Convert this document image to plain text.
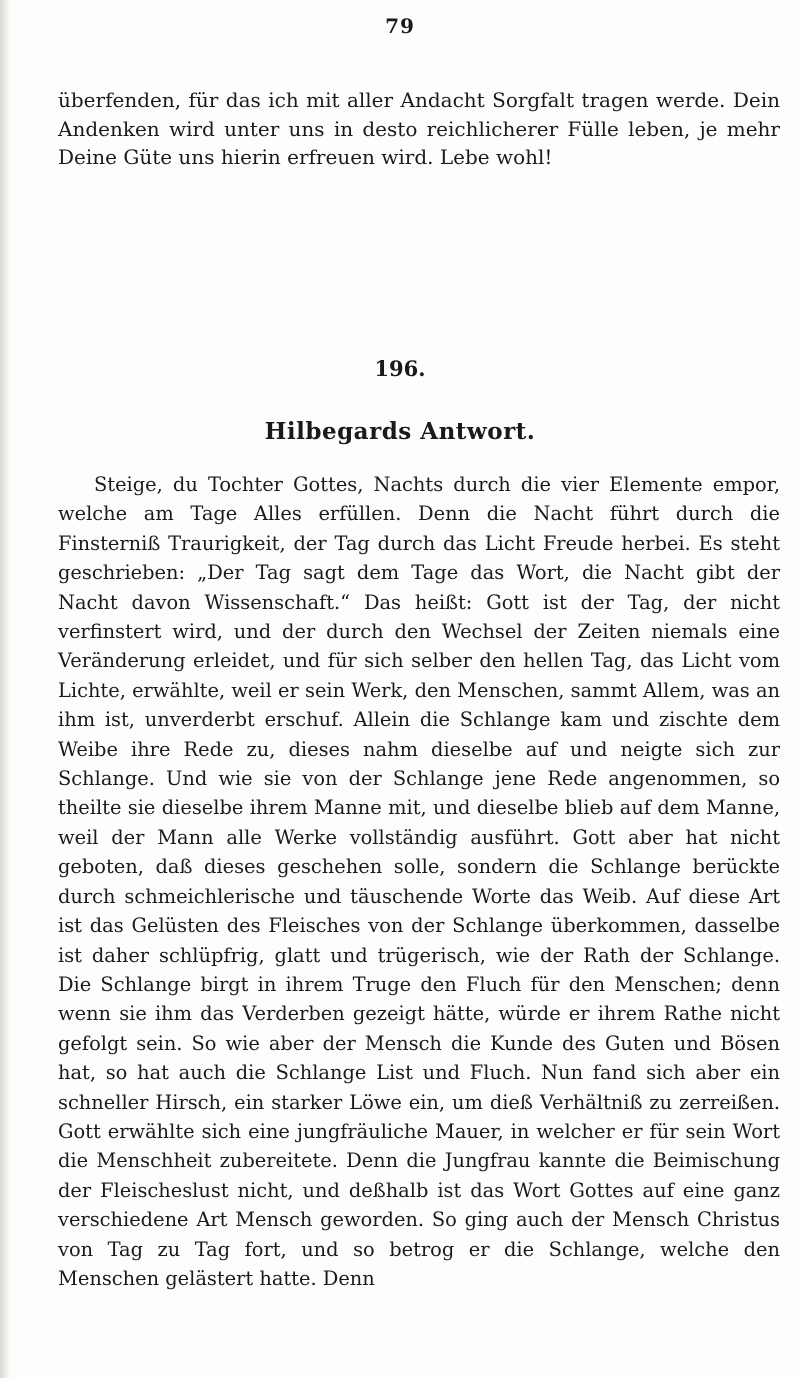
79

überfenden, für das ich mit aller Andacht Sorgfalt tragen werde. Dein Andenken wird unter uns in desto reichlicherer Fülle leben, je mehr Deine Güte uns hierin erfreuen wird. Lebe wohl!

196.
Hilbegards Antwort.

Steige, du Tochter Gottes, Nachts durch die vier Elemente empor, welche am Tage Alles erfüllen. Denn die Nacht führt durch die Finsterniß Traurigkeit, der Tag durch das Licht Freude herbei. Es steht geschrieben: „Der Tag sagt dem Tage das Wort, die Nacht gibt der Nacht davon Wissenschaft.“ Das heißt: Gott ist der Tag, der nicht verfinstert wird, und der durch den Wechsel der Zeiten niemals eine Veränderung erleidet, und für sich selber den hellen Tag, das Licht vom Lichte, erwählte, weil er sein Werk, den Menschen, sammt Allem, was an ihm ist, unverderbt erschuf. Allein die Schlange kam und zischte dem Weibe ihre Rede zu, dieses nahm dieselbe auf und neigte sich zur Schlange. Und wie sie von der Schlange jene Rede angenommen, so theilte sie dieselbe ihrem Manne mit, und dieselbe blieb auf dem Manne, weil der Mann alle Werke vollständig ausführt. Gott aber hat nicht geboten, daß dieses geschehen solle, sondern die Schlange berückte durch schmeichlerische und täuschende Worte das Weib. Auf diese Art ist das Gelüsten des Fleisches von der Schlange überkommen, dasselbe ist daher schlüpfrig, glatt und trügerisch, wie der Rath der Schlange. Die Schlange birgt in ihrem Truge den Fluch für den Menschen; denn wenn sie ihm das Verderben gezeigt hätte, würde er ihrem Rathe nicht gefolgt sein. So wie aber der Mensch die Kunde des Guten und Bösen hat, so hat auch die Schlange List und Fluch. Nun fand sich aber ein schneller Hirsch, ein starker Löwe ein, um dieß Verhältniß zu zerreißen. Gott erwählte sich eine jungfräuliche Mauer, in welcher er für sein Wort die Menschheit zubereitete. Denn die Jungfrau kannte die Beimischung der Fleischeslust nicht, und deßhalb ist das Wort Gottes auf eine ganz verschiedene Art Mensch geworden. So ging auch der Mensch Christus von Tag zu Tag fort, und so betrog er die Schlange, welche den Menschen gelästert hatte. Denn
